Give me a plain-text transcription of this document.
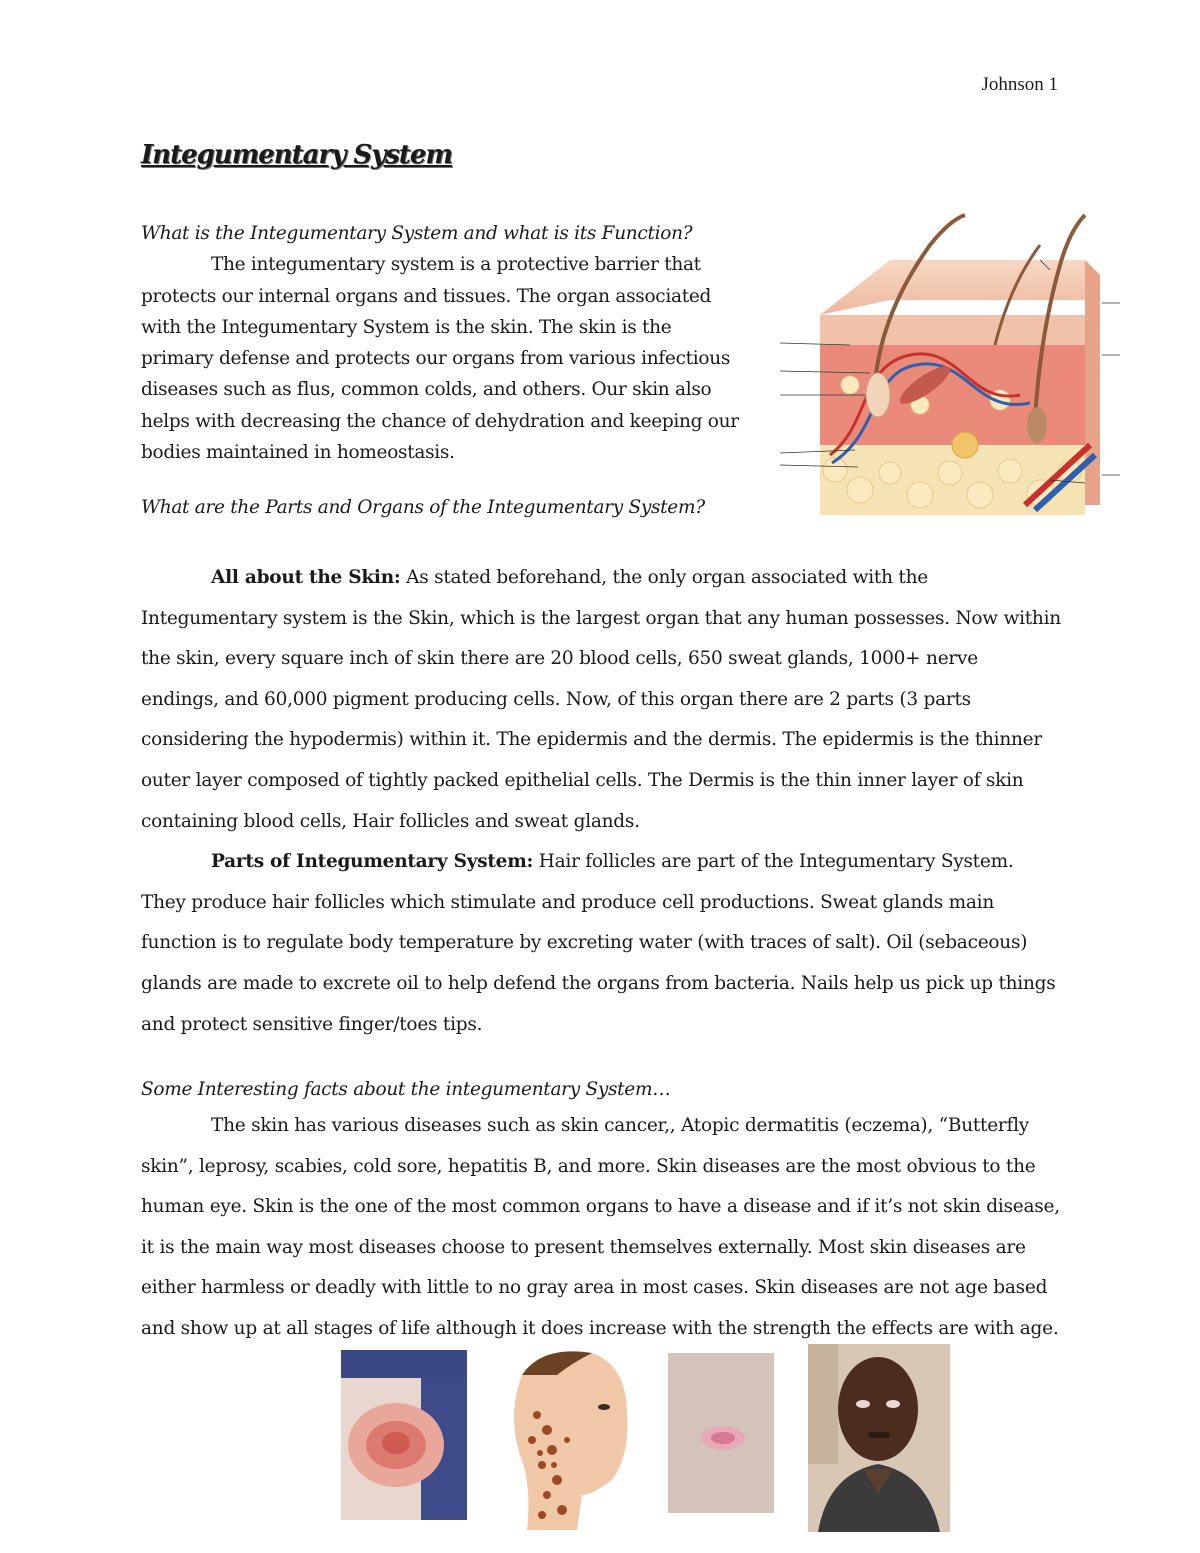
Johnson 1
Integumentary System
What is the Integumentary System and what is its Function?
The integumentary system is a protective barrier that protects our internal organs and tissues. The organ associated with the Integumentary System is the skin. The skin is the primary defense and protects our organs from various infectious diseases such as flus, common colds, and others. Our skin also helps with decreasing the chance of dehydration and keeping our bodies maintained in homeostasis.
What are the Parts and Organs of the Integumentary System?

All about the Skin: As stated beforehand, the only organ associated with the Integumentary system is the Skin, which is the largest organ that any human possesses. Now within the skin, every square inch of skin there are 20 blood cells, 650 sweat glands, 1000+ nerve endings, and 60,000 pigment producing cells. Now, of this organ there are 2 parts (3 parts considering the hypodermis) within it. The epidermis and the dermis. The epidermis is the thinner outer layer composed of tightly packed epithelial cells. The Dermis is the thin inner layer of skin containing blood cells, Hair follicles and sweat glands.

Parts of Integumentary System: Hair follicles are part of the Integumentary System. They produce hair follicles which stimulate and produce cell productions. Sweat glands main function is to regulate body temperature by excreting water (with traces of salt). Oil (sebaceous) glands are made to excrete oil to help defend the organs from bacteria. Nails help us pick up things and protect sensitive finger/toes tips.

Some Interesting facts about the integumentary System…

The skin has various diseases such as skin cancer,, Atopic dermatitis (eczema), “Butterfly skin”, leprosy, scabies, cold sore, hepatitis B, and more. Skin diseases are the most obvious to the human eye. Skin is the one of the most common organs to have a disease and if it’s not skin disease, it is the main way most diseases choose to present themselves externally. Most skin diseases are either harmless or deadly with little to no gray area in most cases. Skin diseases are not age based and show up at all stages of life although it does increase with the strength the effects are with age.
